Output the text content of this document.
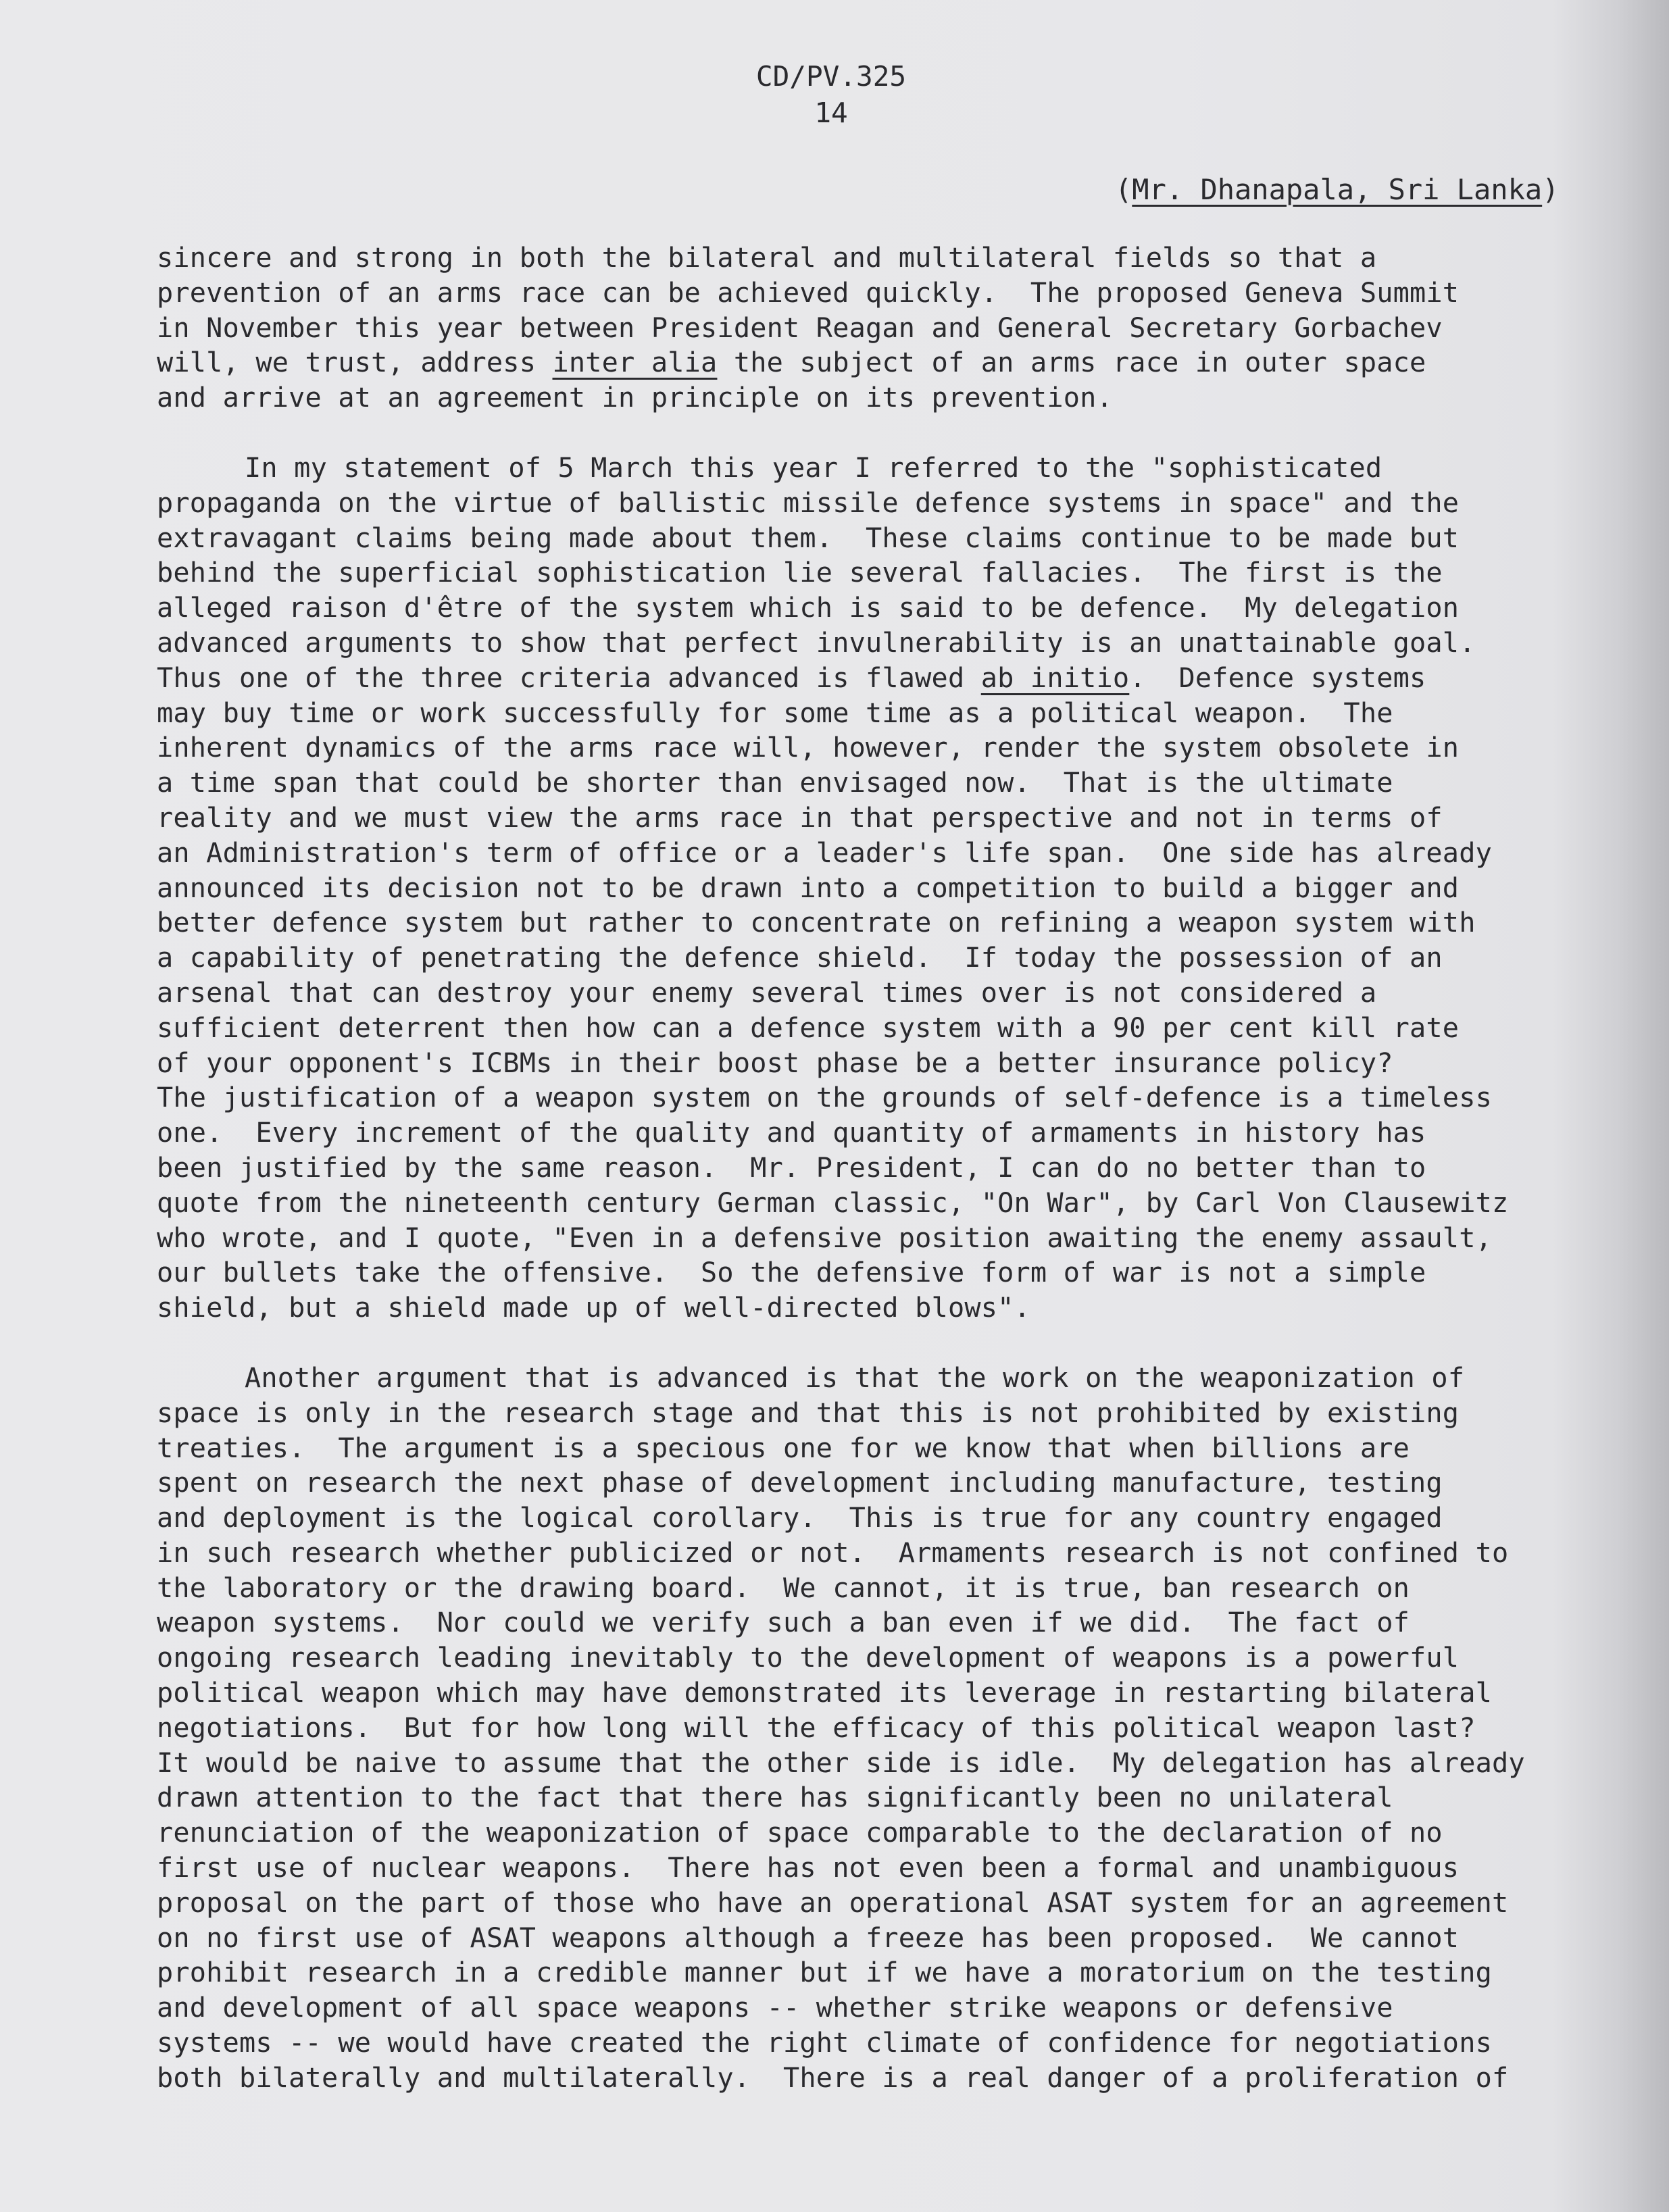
CD/PV.325
14
(Mr. Dhanapala, Sri Lanka)
sincere and strong in both the bilateral and multilateral fields so that a
prevention of an arms race can be achieved quickly.  The proposed Geneva Summit
in November this year between President Reagan and General Secretary Gorbachev
will, we trust, address inter alia the subject of an arms race in outer space
and arrive at an agreement in principle on its prevention.
In my statement of 5 March this year I referred to the "sophisticated
propaganda on the virtue of ballistic missile defence systems in space" and the
extravagant claims being made about them.  These claims continue to be made but
behind the superficial sophistication lie several fallacies.  The first is the
alleged raison d'être of the system which is said to be defence.  My delegation
advanced arguments to show that perfect invulnerability is an unattainable goal.
Thus one of the three criteria advanced is flawed ab initio.  Defence systems
may buy time or work successfully for some time as a political weapon.  The
inherent dynamics of the arms race will, however, render the system obsolete in
a time span that could be shorter than envisaged now.  That is the ultimate
reality and we must view the arms race in that perspective and not in terms of
an Administration's term of office or a leader's life span.  One side has already
announced its decision not to be drawn into a competition to build a bigger and
better defence system but rather to concentrate on refining a weapon system with
a capability of penetrating the defence shield.  If today the possession of an
arsenal that can destroy your enemy several times over is not considered a
sufficient deterrent then how can a defence system with a 90 per cent kill rate
of your opponent's ICBMs in their boost phase be a better insurance policy?
The justification of a weapon system on the grounds of self-defence is a timeless
one.  Every increment of the quality and quantity of armaments in history has
been justified by the same reason.  Mr. President, I can do no better than to
quote from the nineteenth century German classic, "On War", by Carl Von Clausewitz
who wrote, and I quote, "Even in a defensive position awaiting the enemy assault,
our bullets take the offensive.  So the defensive form of war is not a simple
shield, but a shield made up of well-directed blows".
Another argument that is advanced is that the work on the weaponization of
space is only in the research stage and that this is not prohibited by existing
treaties.  The argument is a specious one for we know that when billions are
spent on research the next phase of development including manufacture, testing
and deployment is the logical corollary.  This is true for any country engaged
in such research whether publicized or not.  Armaments research is not confined to
the laboratory or the drawing board.  We cannot, it is true, ban research on
weapon systems.  Nor could we verify such a ban even if we did.  The fact of
ongoing research leading inevitably to the development of weapons is a powerful
political weapon which may have demonstrated its leverage in restarting bilateral
negotiations.  But for how long will the efficacy of this political weapon last?
It would be naive to assume that the other side is idle.  My delegation has already
drawn attention to the fact that there has significantly been no unilateral
renunciation of the weaponization of space comparable to the declaration of no
first use of nuclear weapons.  There has not even been a formal and unambiguous
proposal on the part of those who have an operational ASAT system for an agreement
on no first use of ASAT weapons although a freeze has been proposed.  We cannot
prohibit research in a credible manner but if we have a moratorium on the testing
and development of all space weapons -- whether strike weapons or defensive
systems -- we would have created the right climate of confidence for negotiations
both bilaterally and multilaterally.  There is a real danger of a proliferation of
